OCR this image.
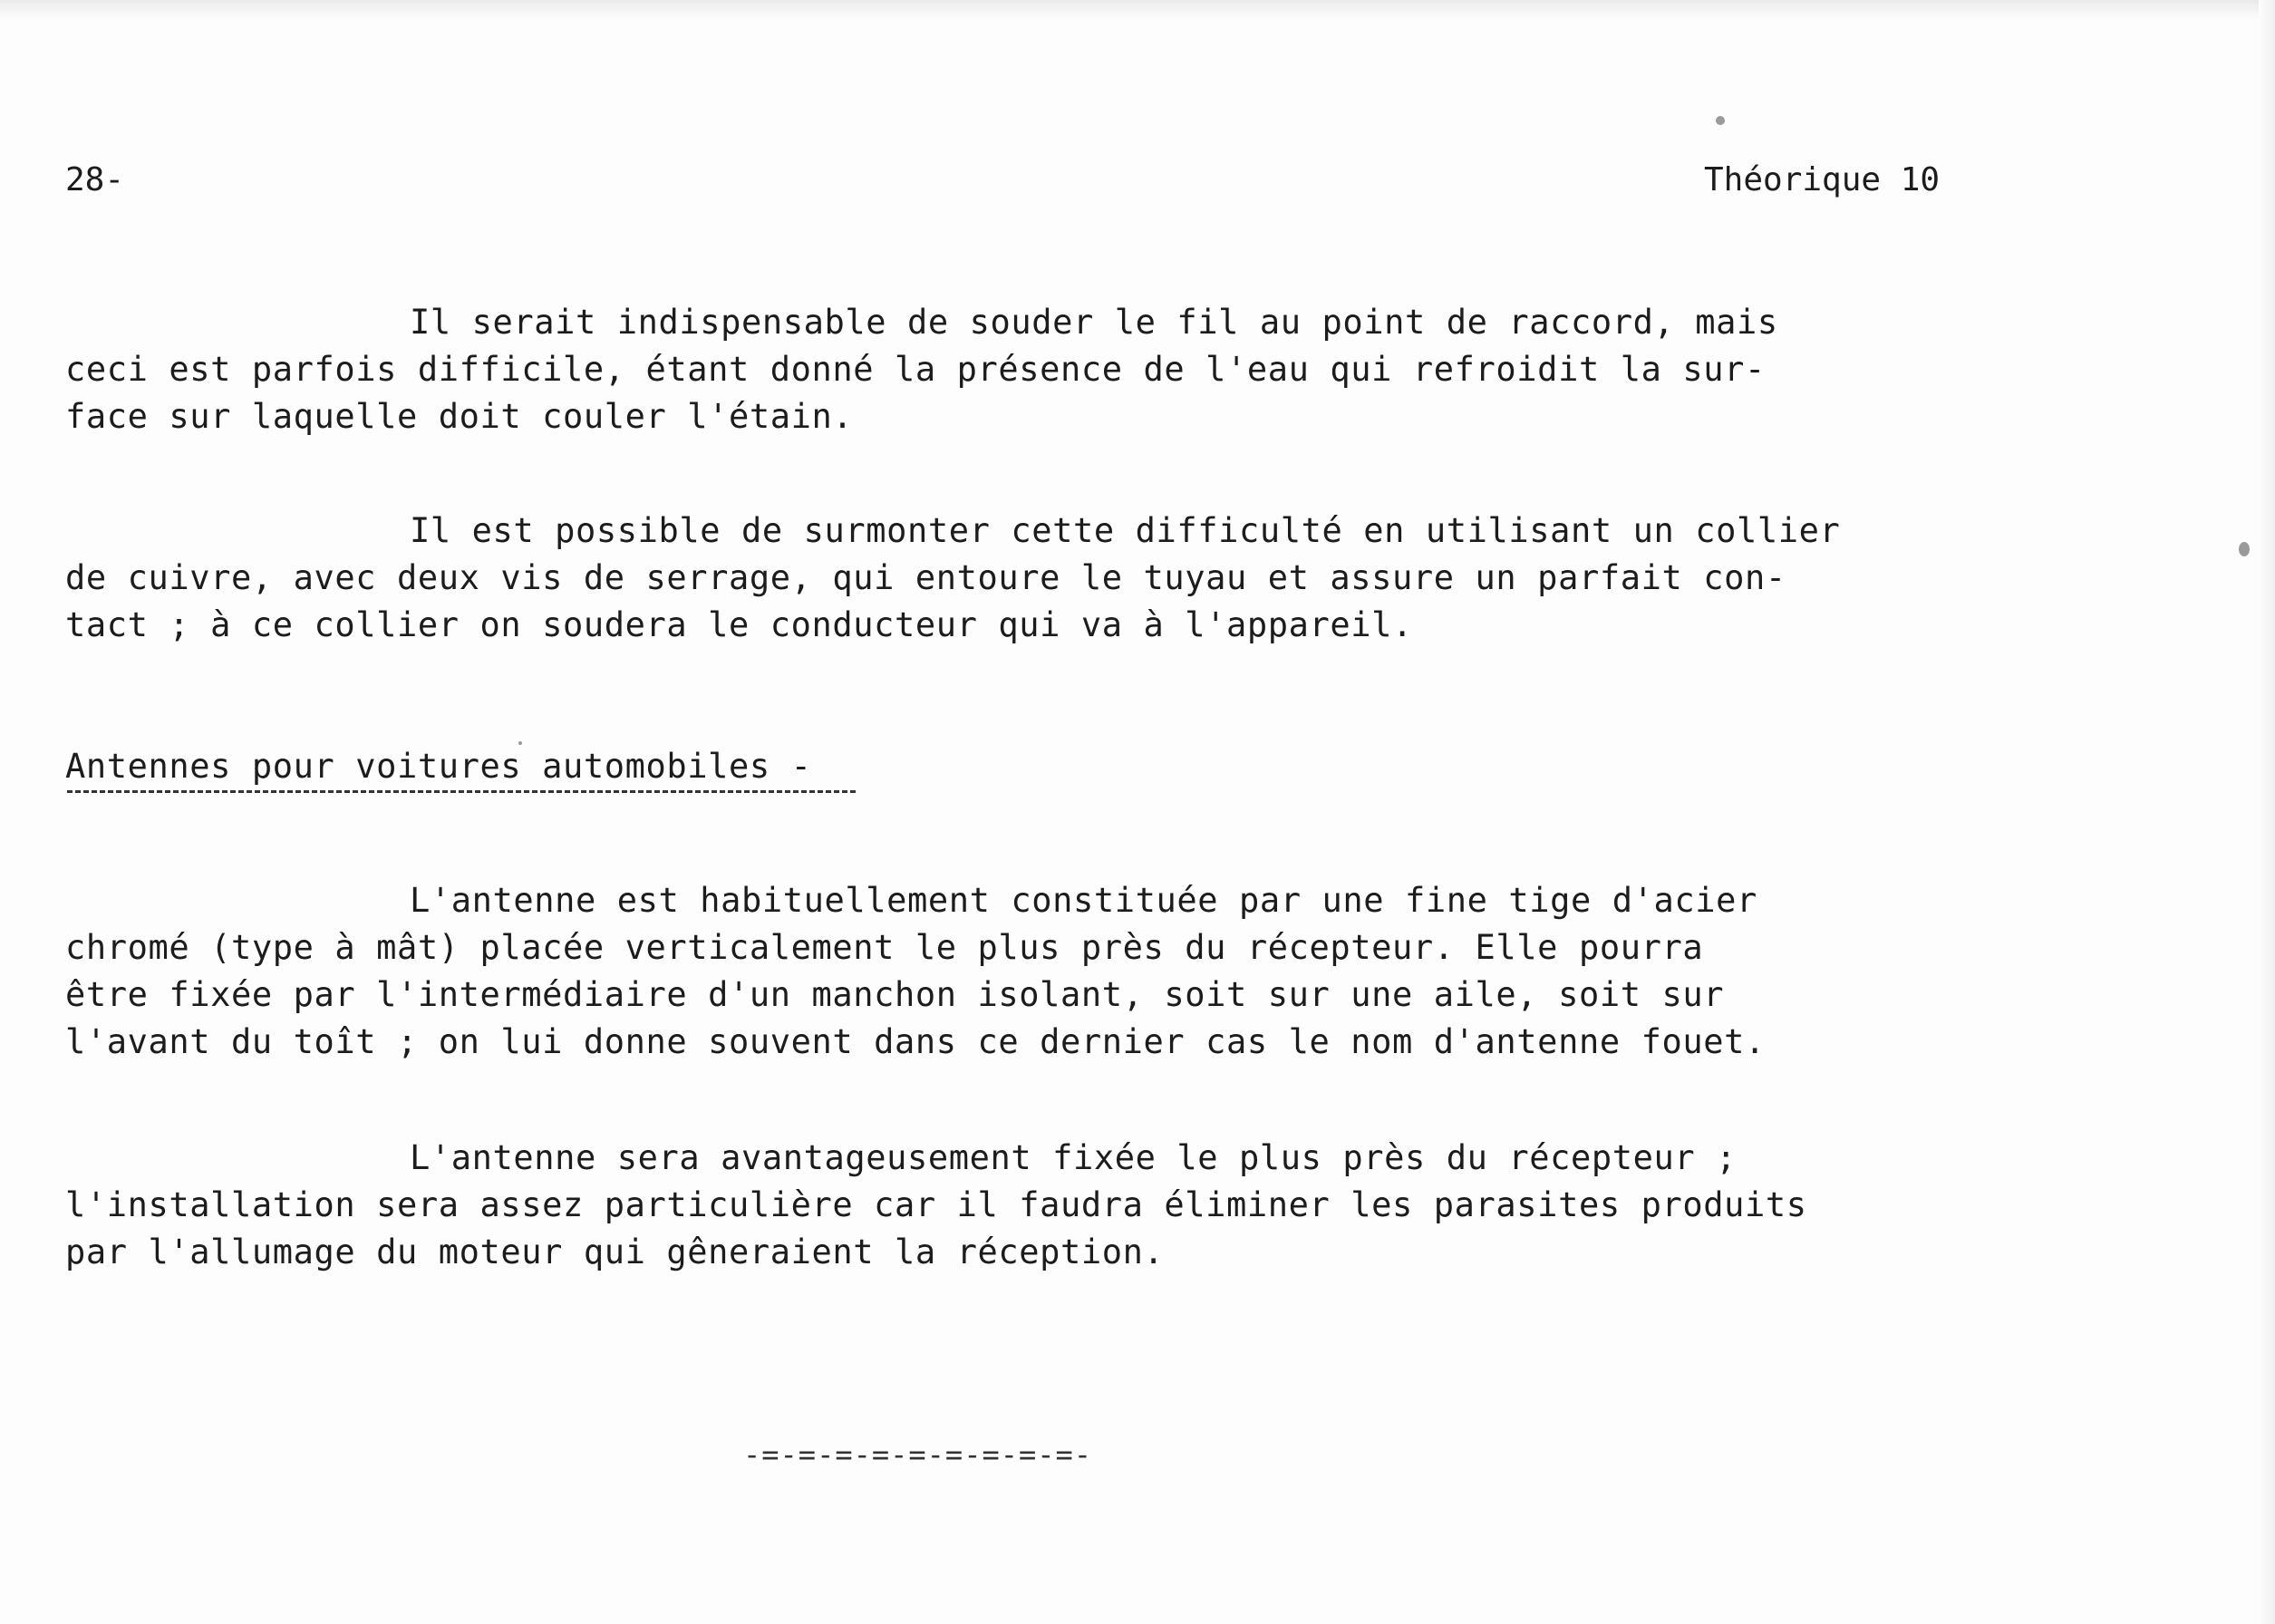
28-	Théorique 10
Il serait indispensable de souder le fil au point de raccord, mais
ceci est parfois difficile, étant donné la présence de l'eau qui refroidit la sur-
face sur laquelle doit couler l'étain.
Il est possible de surmonter cette difficulté en utilisant un collier
de cuivre, avec deux vis de serrage, qui entoure le tuyau et assure un parfait con-
tact ; à ce collier on soudera le conducteur qui va à l'appareil.
Antennes pour voitures automobiles -
L'antenne est habituellement constituée par une fine tige d'acier
chromé (type à mât) placée verticalement le plus près du récepteur. Elle pourra
être fixée par l'intermédiaire d'un manchon isolant, soit sur une aile, soit sur
l'avant du toît ; on lui donne souvent dans ce dernier cas le nom d'antenne fouet.
L'antenne sera avantageusement fixée le plus près du récepteur ;
l'installation sera assez particulière car il faudra éliminer les parasites produits
par l'allumage du moteur qui gêneraient la réception.
-=-=-=-=-=-=-=-=-=-
